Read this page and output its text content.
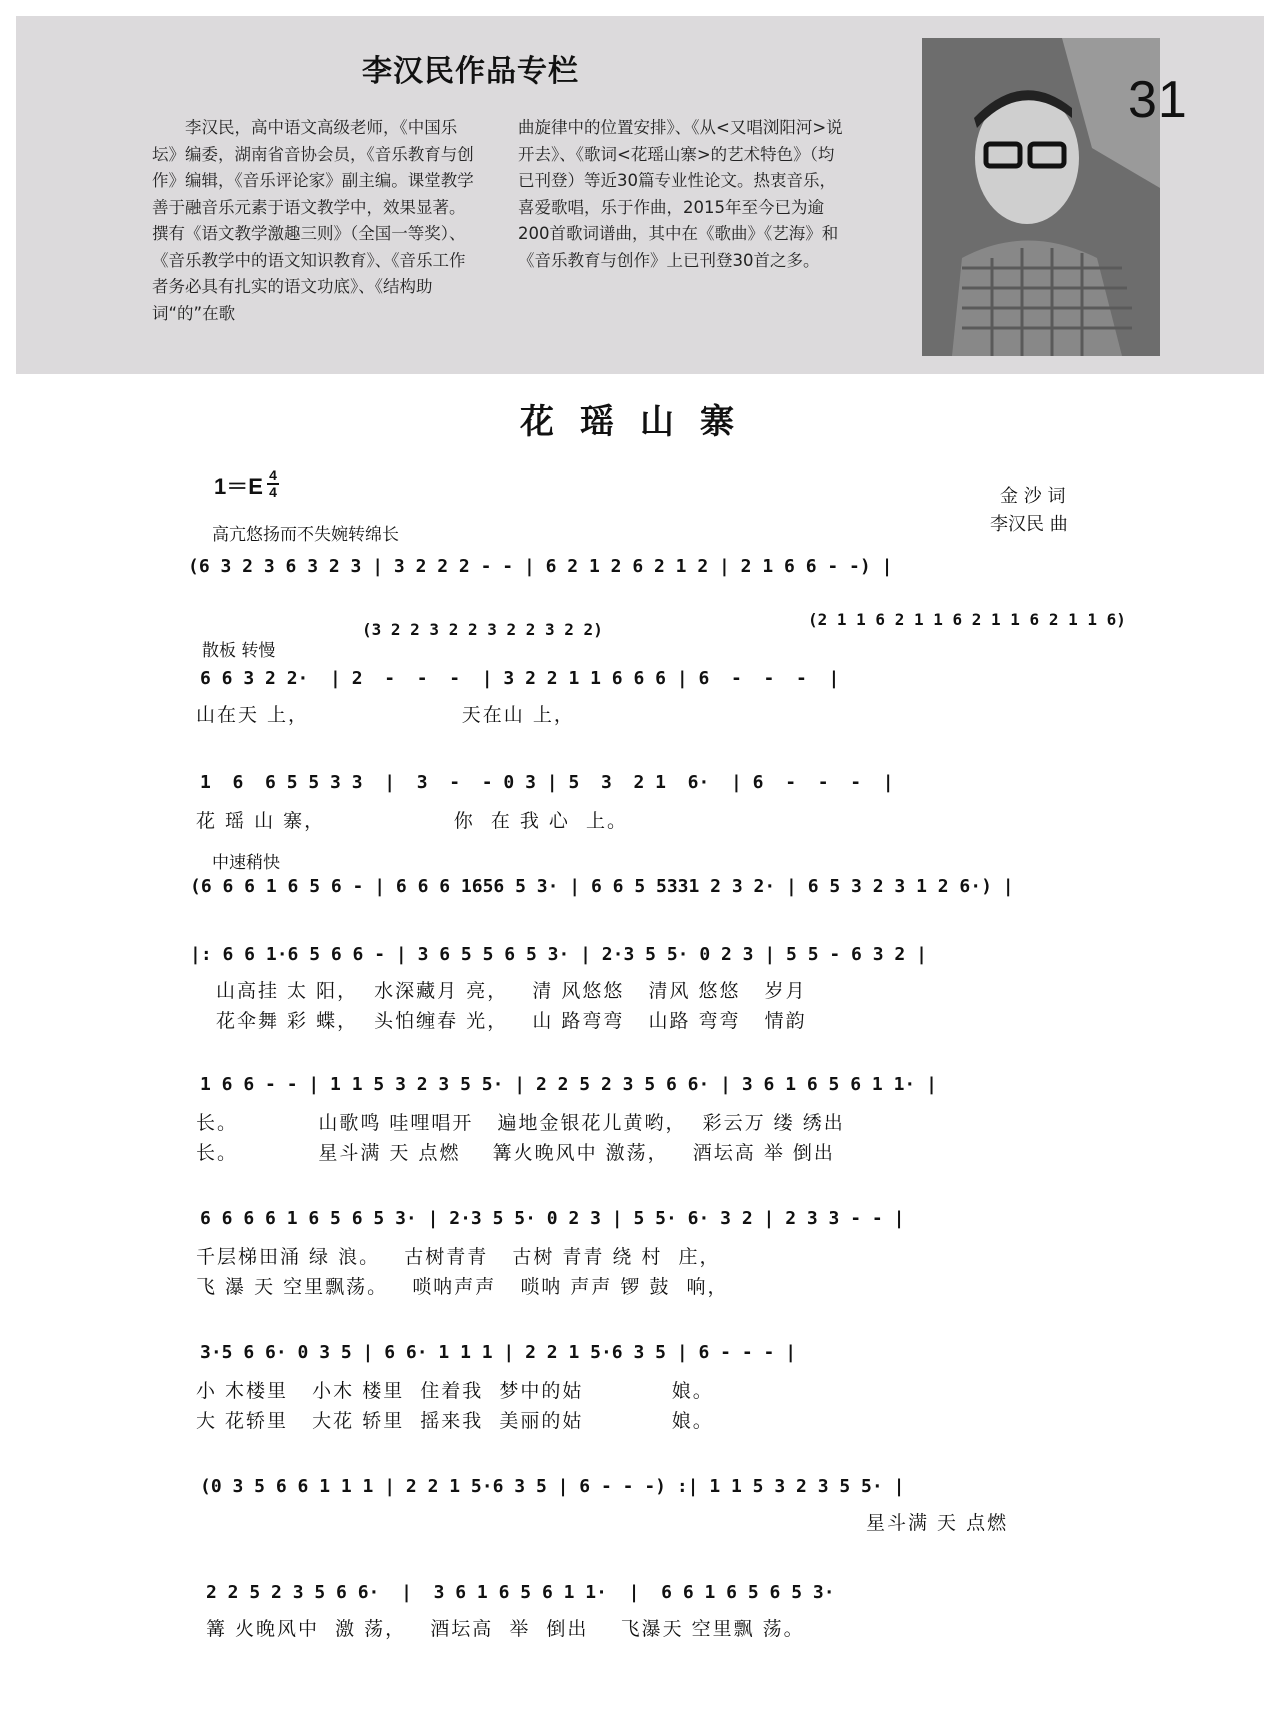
李汉民作品专栏
李汉民，高中语文高级老师，《中国乐坛》编委，湖南省音协会员，《音乐教育与创作》编辑，《音乐评论家》副主编。课堂教学善于融音乐元素于语文教学中，效果显著。撰有《语文教学激趣三则》（全国一等奖）、《音乐教学中的语文知识教育》、《音乐工作者务必具有扎实的语文功底》、《结构助词“的”在歌
曲旋律中的位置安排》、《从<又唱浏阳河>说开去》、《歌词<花瑶山寨>的艺术特色》（均已刊登）等近30篇专业性论文。热衷音乐，喜爱歌唱，乐于作曲，2015年至今已为逾200首歌词谱曲，其中在《歌曲》《艺海》和《音乐教育与创作》上已刊登30首之多。
31
花瑶山寨
$1=E \frac{4}{4}$	金 沙 词
李汉民 曲
高亢悠扬而不失婉转绵长
(6 3 2 3 6 3 2 3 | 3 2 2 2 - - | 6 2 1 2 6 2 1 2 | 2 1 6 6 - -) |
散板 转慢
(3 2 2 3 2 2 3 2 2 3 2 2)
(2 1 1 6 2 1 1 6 2 1 1 6 2 1 1 6)
6 6 3 2 2·  | 2  -  -  -  | 3 2 2 1 1 6 6 6 | 6  -  -  -  |
山在天 上，                   天在山 上，
1  6  6 5 5 3 3  |  3  -  - 0 3 | 5  3  2 1  6·  | 6  -  -  -  |
花 瑶 山 寨，                你  在 我 心  上。
中速稍快
(6 6 6 1 6 5 6 - | 6 6 6 1656 5 3· | 6 6 5 5331 2 3 2· | 6 5 3 2 3 1 2 6·) |
|: 6 6 1·6 5 6 6 - | 3 6 5 5 6 5 3· | 2·3 5 5· 0 2 3 | 5 5 - 6 3 2 |
山高挂 太 阳，  水深藏月 亮，   清 风悠悠   清风 悠悠   岁月
花伞舞 彩 蝶，  头怕缠春 光，   山 路弯弯   山路 弯弯   情韵
1 6 6 - - | 1 1 5 3 2 3 5 5· | 2 2 5 2 3 5 6 6· | 3 6 1 6 5 6 1 1· |
长。          山歌鸣 哇哩唱开   遍地金银花儿黄哟，  彩云万 缕 绣出
长。          星斗满 天 点燃    篝火晚风中 激荡，   酒坛高 举 倒出
6 6 6 6 1 6 5 6 5 3· | 2·3 5 5· 0 2 3 | 5 5· 6· 3 2 | 2 3 3 - - |
千层梯田涌 绿 浪。   古树青青   古树 青青 绕 村  庄，
飞 瀑 天 空里飘荡。   唢呐声声   唢呐 声声 锣 鼓  响，
3·5 6 6· 0 3 5 | 6 6· 1 1 1 | 2 2 1 5·6 3 5 | 6 - - - |
小 木楼里   小木 楼里  住着我  梦中的姑           娘。
大 花轿里   大花 轿里  摇来我  美丽的姑           娘。
(0 3 5 6 6 1 1 1 | 2 2 1 5·6 3 5 | 6 - - -) :| 1 1 5 3 2 3 5 5· |
星斗满 天 点燃
2 2 5 2 3 5 6 6·  |  3 6 1 6 5 6 1 1·  |  6 6 1 6 5 6 5 3·
篝 火晚风中  激 荡，   酒坛高  举  倒出    飞瀑天 空里飘 荡。
